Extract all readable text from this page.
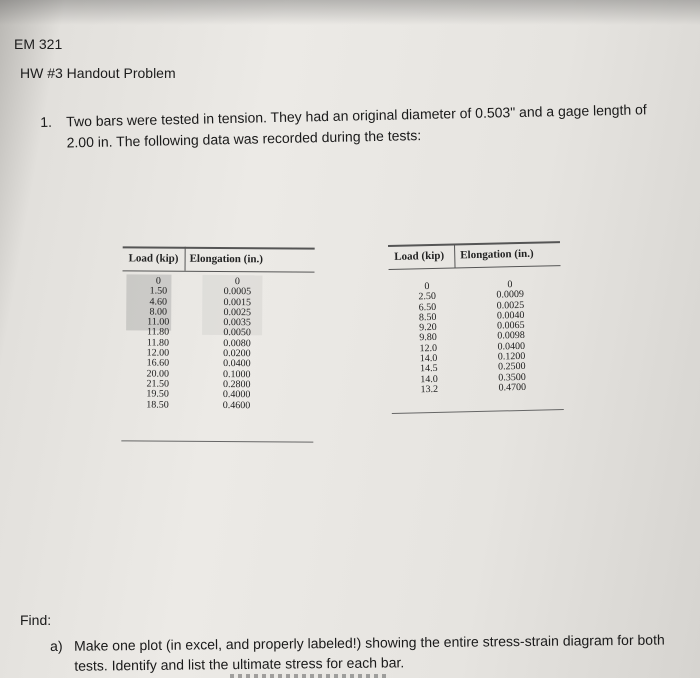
EM 321
HW #3 Handout Problem
1. Two bars were tested in tension. They had an original diameter of 0.503" and a gage length of 2.00 in. The following data was recorded during the tests:
Load (kip) Elongation (in.)
0
1.50
4.60
8.00
11.00
11.80
11.80
12.00
16.60
20.00
21.50
19.50
18.50
0
0.0005
0.0015
0.0025
0.0035
0.0050
0.0080
0.0200
0.0400
0.1000
0.2800
0.4000
0.4600
Load (kip) Elongation (in.)
0
2.50
6.50
8.50
9.20
9.80
12.0
14.0
14.5
14.0
13.2
0
0.0009
0.0025
0.0040
0.0065
0.0098
0.0400
0.1200
0.2500
0.3500
0.4700
Find:
a) Make one plot (in excel, and properly labeled!) showing the entire stress-strain diagram for both tests. Identify and list the ultimate stress for each bar.
